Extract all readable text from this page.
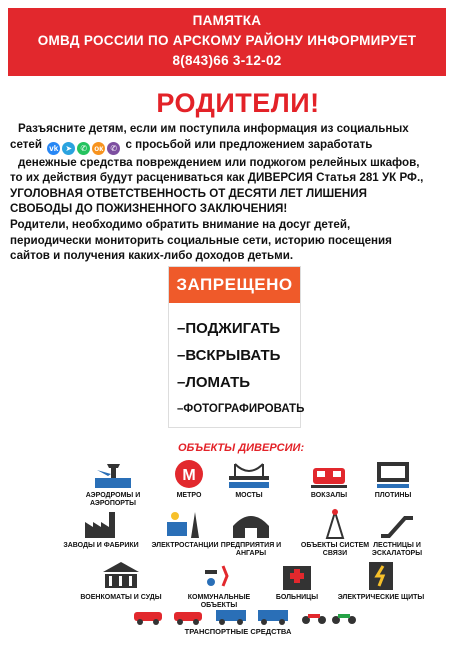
ПАМЯТКА
ОМВД РОССИИ ПО АРСКОМУ РАЙОНУ ИНФОРМИРУЕТ
8(843)66 3-12-02
РОДИТЕЛИ!

Разъясните детям, если им поступила информация из социальных

сетей vk ➤	✆ ок ✆ с просьбой или предложением заработать

денежные средства повреждением или поджогом релейных шкафов,

то их действия будут расцениваться как ДИВЕРСИЯ Статья 281 УК РФ.,

УГОЛОВНАЯ ОТВЕТСТВЕННОСТЬ ОТ ДЕСЯТИ ЛЕТ ЛИШЕНИЯ

СВОБОДЫ ДО ПОЖИЗНЕННОГО ЗАКЛЮЧЕНИЯ!

Родители, необходимо обратить внимание на досуг детей,

периодически мониторить социальные сети, историю посещения

сайтов и получения каких-либо доходов детьми.

ЗАПРЕЩЕНО
–ПОДЖИГАТЬ
–ВСКРЫВАТЬ
–ЛОМАТЬ
–ФОТОГРАФИРОВАТЬ
ОБЪЕКТЫ ДИВЕРСИИ:
АЭРОДРОМЫ И АЭРОПОРТЫ
M
МЕТРО	МОСТЫ	ВОКЗАЛЫ	ПЛОТИНЫ
ЗАВОДЫ И ФАБРИКИ	ЭЛЕКТРОСТАНЦИИ ПРЕДПРИЯТИЯ И АНГАРЫ
ОБЪЕКТЫ СИСТЕМ СВЯЗИ
ЛЕСТНИЦЫ И ЭСКАЛАТОРЫ
ВОЕНКОМАТЫ И СУДЫ	КОММУНАЛЬНЫЕ ОБЪЕКТЫ
БОЛЬНИЦЫ	ЭЛЕКТРИЧЕСКИЕ ЩИТЫ
ТРАНСПОРТНЫЕ СРЕДСТВА
